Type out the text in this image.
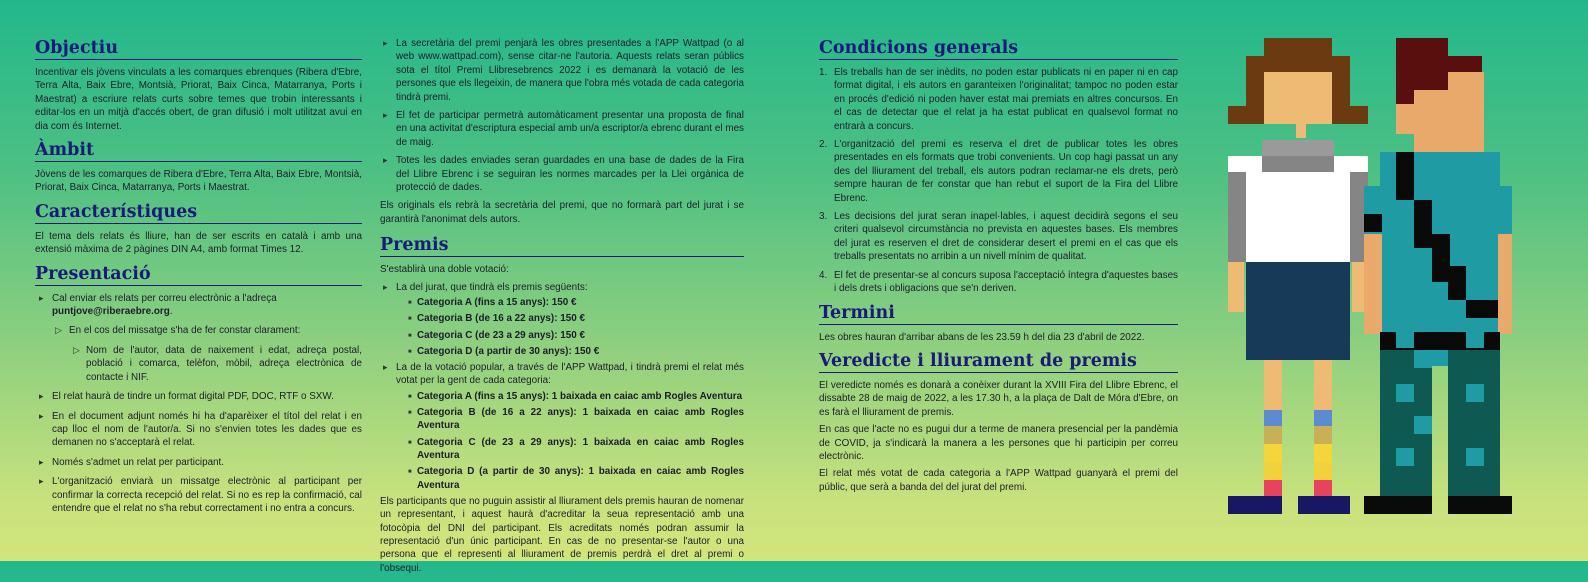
Objectiu

Incentivar els jòvens vinculats a les comarques ebrenques (Ribera d'Ebre, Terra Alta, Baix Ebre, Montsià, Priorat, Baix Cinca, Matarranya, Ports i Maestrat) a escriure relats curts sobre temes que trobin interessants i editar-los en un mitjà d'accés obert, de gran difusió i molt utilitzat avui en dia com és Internet.

Àmbit

Jòvens de les comarques de Ribera d'Ebre, Terra Alta, Baix Ebre, Montsià, Priorat, Baix Cinca, Matarranya, Ports i Maestrat.

Característiques

El tema dels relats és lliure, han de ser escrits en català i amb una extensió màxima de 2 pàgines DIN A4, amb format Times 12.

Presentació
▸ Cal enviar els relats per correu electrònic a l'adreça
puntjove@riberaebre.org.
▷ En el cos del missatge s'ha de fer constar clarament:
▷ Nom de l'autor, data de naixement i edat, adreça postal, població i comarca, telèfon, mòbil, adreça electrònica de contacte i NIF.
▸ El relat haurà de tindre un format digital PDF, DOC, RTF o SXW.
▸ En el document adjunt només hi ha d'aparèixer el títol del relat i en cap lloc el nom de l'autor/a. Si no s'envien totes les dades que es demanen no s'acceptarà el relat.
▸ Només s'admet un relat per participant.
▸ L'organització enviarà un missatge electrònic al participant per confirmar la correcta recepció del relat. Si no es rep la confirmació, cal entendre que el relat no s'ha rebut correctament i no entra a concurs.
▸ La secretària del premi penjarà les obres presentades a l'APP Wattpad (o al web www.wattpad.com), sense citar-ne l'autoria. Aquests relats seran públics sota el títol Premi Llibresebrencs 2022 i es demanarà la votació de les persones que els llegeixin, de manera que l'obra més votada de cada categoria tindrà premi.
▸ El fet de participar permetrà automàticament presentar una proposta de final en una activitat d'escriptura especial amb un/a escriptor/a ebrenc durant el mes de maig.
▸ Totes les dades enviades seran guardades en una base de dades de la Fira del Llibre Ebrenc i se seguiran les normes marcades per la Llei orgànica de protecció de dades.

Els originals els rebrà la secretària del premi, que no formarà part del jurat i se garantirà l'anonimat dels autors.

Premis

S'establirà una doble votació:

▸ La del jurat, que tindrà els premis següents:
■ Categoria A (fins a 15 anys): 150 €
■ Categoria B (de 16 a 22 anys): 150 €
■ Categoria C (de 23 a 29 anys): 150 €
■ Categoria D (a partir de 30 anys): 150 €
▸ La de la votació popular, a través de l'APP Wattpad, i tindrà premi el relat més votat per la gent de cada categoria:
■ Categoria A (fins a 15 anys): 1 baixada en caiac amb Rogles Aventura
■ Categoria B (de 16 a 22 anys): 1 baixada en caiac amb Rogles Aventura
■ Categoria C (de 23 a 29 anys): 1 baixada en caiac amb Rogles Aventura
■ Categoria D (a partir de 30 anys): 1 baixada en caiac amb Rogles Aventura

Els participants que no puguin assistir al lliurament dels premis hauran de nomenar un representant, i aquest haurà d'acreditar la seua representació amb una fotocòpia del DNI del participant. Els acreditats només podran assumir la representació d'un únic participant. En cas de no presentar-se l'autor o una persona que el representi al lliurament de premis perdrà el dret al premi o l'obsequi.

Condicions generals
1. Els treballs han de ser inèdits, no poden estar publicats ni en paper ni en cap format digital, i els autors en garanteixen l'originalitat; tampoc no poden estar en procés d'edició ni poden haver estat mai premiats en altres concursos. En el cas de detectar que el relat ja ha estat publicat en qualsevol format no entrarà a concurs.
2. L'organització del premi es reserva el dret de publicar totes les obres presentades en els formats que trobi convenients. Un cop hagi passat un any des del lliurament del treball, els autors podran reclamar-ne els drets, però sempre hauran de fer constar que han rebut el suport de la Fira del Llibre Ebrenc.
3. Les decisions del jurat seran inapel·lables, i aquest decidirà segons el seu criteri qualsevol circumstància no prevista en aquestes bases. Els membres del jurat es reserven el dret de considerar desert el premi en el cas que els treballs presentats no arribin a un nivell mínim de qualitat.
4. El fet de presentar-se al concurs suposa l'acceptació íntegra d'aquestes bases i dels drets i obligacions que se'n deriven.
Termini

Les obres hauran d'arribar abans de les 23.59 h del dia 23 d'abril de 2022.

Veredicte i lliurament de premis

El veredicte només es donarà a conèixer durant la XVIII Fira del Llibre Ebrenc, el dissabte 28 de maig de 2022, a les 17.30 h, a la plaça de Dalt de Móra d'Ebre, on es farà el lliurament de premis.

En cas que l'acte no es pugui dur a terme de manera presencial per la pandèmia de COVID, ja s'indicarà la manera a les persones que hi participin per correu electrònic.

El relat més votat de cada categoria a l'APP Wattpad guanyarà el premi del públic, que serà a banda del del jurat del premi.
